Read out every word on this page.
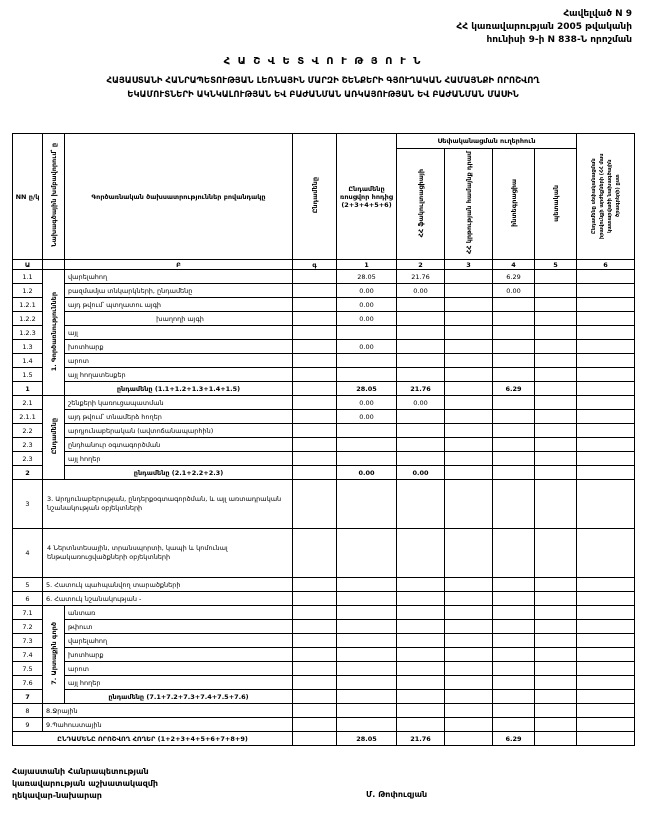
Հավելված N 9
ՀՀ կառավարության 2005 թվականի
հունիսի 9-ի N 838-Ն որոշման
Հ Ա Շ Վ Ե Տ Վ Ո Ւ Թ Յ Ո Ւ Ն
ՀԱՅԱՍՏԱՆԻ ՀԱՆՐԱՊԵՏՈՒԹՅԱՆ ԼԵՌՆԱՅԻՆ ՄԱՐԶԻ ՇԵՆՔԵՐԻ ԳՅՈՒՂԱԿԱՆ ՀԱՄԱՅՆՔԻ ՈՐՈՇՎՈՂ
ԵԿԱՄՈՒՏՆԵՐԻ ԱԿՆԿԱԼՈՒԹՅԱՆ ԵՎ ԲԱԺԱՆՄԱՆ ԱՌԿԱՅՈՒԹՅԱՆ ԵՎ ԲԱԺԱՆՄԱՆ ՄԱՍԻՆ
NN ը/կ	Նախագծային խմբավորում՝ ը	Գործառնական ծախսատրություններ բովանդակը	Ընդամենը	Ընդամենը ռոսցվոր հոդից (2+3+4+5+6)	Սեփականացման ուղերհուն				Ընդամենը սեփականացման իրավունքի արժեքների (ՀՀ մաս կատարվածի նախագծային ծրագրերի) ըստ
					ՀՀ ֆակուլտացիայի	ՀՀ կրթության համայնք դրամ	ինտեգրացիա	պետական	
Ա		Բ	գ	1	2	3	4	5	6
1.1	1. Գործառնություններ	վարելահող		28.05	21.76		6.29		
1.2		բազմամյա տնկարկների, ընդամենը		0.00	0.00		0.00		
1.2.1		այդ թվում՝ պտղատու այգի		0.00					
1.2.2		խաղողի այգի		0.00					
1.2.3		այլ							
1.3		խոտհարք		0.00					
1.4		արոտ							
1.5		այլ հողատեսքեր							
1		ընդամենը (1.1+1.2+1.3+1.4+1.5)		28.05	21.76		6.29		
2.1	Ընդամենը	շենքերի կառուցապատման		0.00	0.00				
2.1.1		այդ թվում՝ տնամերձ հողեր		0.00					
2.2		արդյունաբերական (ավտոճանապարհին)							
2.3		ընդհանուր օգտագործման							
2.3		այլ հողեր							
2		ընդամենը (2.1+2.2+2.3)		0.00	0.00				
3	3. Արդյունաբերության, ընդերքօգտագործման, և այլ առտադրական նշանակության օբյեկտների								
4	4 Ներտնտեսային, տրանսպորտի, կապի և կոմունալ ենթակառուցվածքների օբյեկտների								
5	5. Հատուկ պահպանվող տարածքների								
6	6. Հատուկ նշանակության -								
7.1	7. Արտաքին գործ	անտառ							
7.2		թփուտ							
7.3		վարելահող							
7.4		խոտհարք							
7.5		արոտ							
7.6		այլ հողեր							
7		ընդամենը (7.1+7.2+7.3+7.4+7.5+7.6)							
8	8.Ջրային								
9	9.Պահուստային								
ԸՆԴԱՄԵՆԸ ՈՐՈՇՎՈՂ ՀՈՂԵՐ (1+2+3+4+5+6+7+8+9)				28.05	21.76		6.29		
Հայաստանի Հանրապետության
կառավարության աշխատակազմի
ղեկավար-նախարար	Մ. Թոփուզյան
